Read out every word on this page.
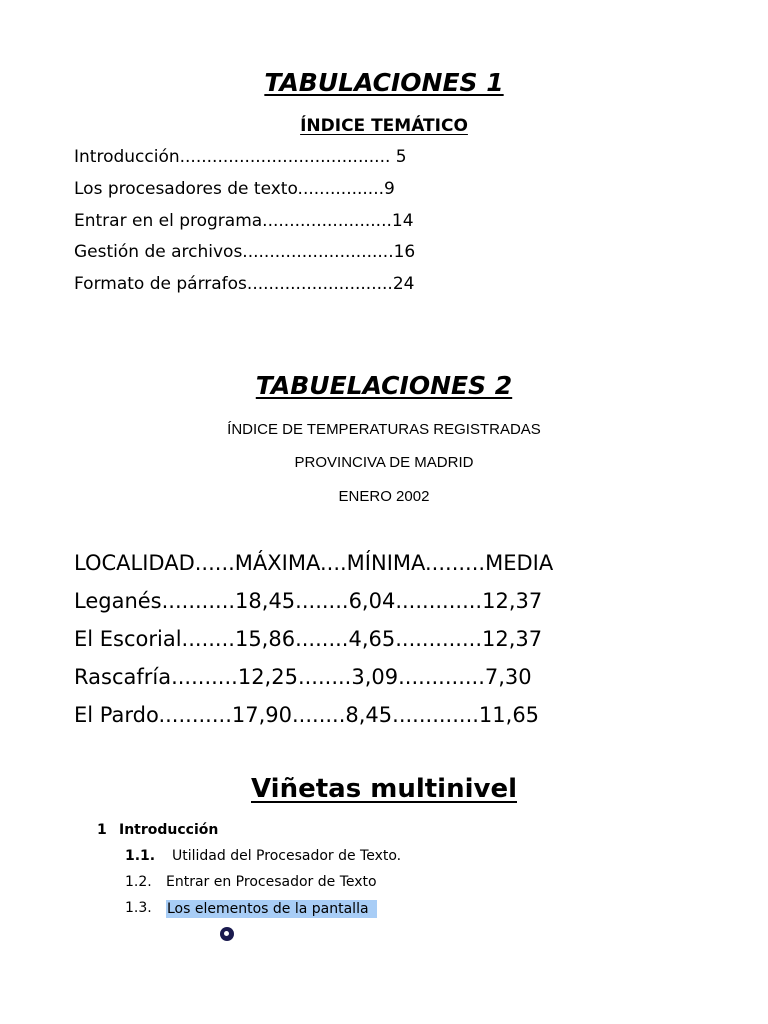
TABULACIONES 1
ÍNDICE TEMÁTICO
Introducción....................................... 5
Los procesadores de texto................9
Entrar en el programa........................14
Gestión de archivos............................16
Formato de párrafos...........................24
TABUELACIONES 2
ÍNDICE DE TEMPERATURAS REGISTRADAS
PROVINCIVA DE MADRID
ENERO 2002
LOCALIDAD......MÁXIMA....MÍNIMA.........MEDIA
Leganés...........18,45........6,04.............12,37
El Escorial........15,86........4,65.............12,37
Rascafría..........12,25........3,09.............7,30
El Pardo...........17,90........8,45.............11,65
Viñetas multinivel
1 Introducción
1.1. Utilidad del Procesador de Texto.
1.2. Entrar en Procesador de Texto
1.3. Los elementos de la pantalla
